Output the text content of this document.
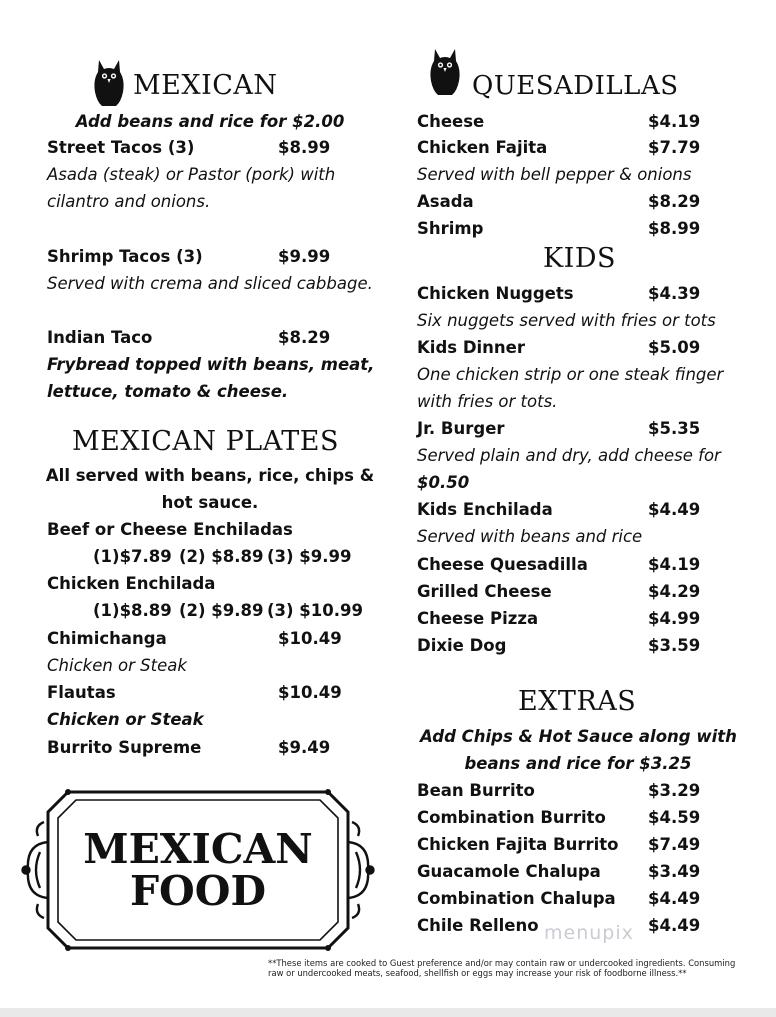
MEXICAN
Add beans and rice for $2.00
Street Tacos (3)	$8.99
Asada (steak) or Pastor (pork) with
cilantro and onions.
Shrimp Tacos (3)	$9.99
Served with crema and sliced cabbage.
Indian Taco	$8.29
Frybread topped with beans, meat,
lettuce, tomato & cheese.
MEXICAN PLATES
All served with beans, rice, chips &
hot sauce.
Beef or Cheese Enchiladas
(1)$7.89 (2) $8.89 (3) $9.99
Chicken Enchilada
(1)$8.89 (2) $9.89 (3) $10.99
Chimichanga	$10.49
Chicken or Steak
Flautas	$10.49
Chicken or Steak
Burrito Supreme	$9.49
MEXICAN
FOOD
QUESADILLAS
Cheese	$4.19
Chicken Fajita	$7.79
Served with bell pepper & onions
Asada	$8.29
Shrimp	$8.99
KIDS
Chicken Nuggets	$4.39
Six nuggets served with fries or tots
Kids Dinner	$5.09
One chicken strip or one steak finger
with fries or tots.
Jr. Burger	$5.35
Served plain and dry, add cheese for
$0.50
Kids Enchilada	$4.49
Served with beans and rice
Cheese Quesadilla	$4.19
Grilled Cheese	$4.29
Cheese Pizza	$4.99
Dixie Dog	$3.59
EXTRAS
Add Chips & Hot Sauce along with
beans and rice for $3.25
Bean Burrito	$3.29
Combination Burrito	$4.59
Chicken Fajita Burrito $7.49
Guacamole Chalupa	$3.49
Combination Chalupa $4.49
Chile Relleno	$4.49
menupix
**These items are cooked to Guest preference and/or may contain raw or undercooked ingredients. Consuming raw or undercooked meats, seafood, shellfish or eggs may increase your risk of foodborne illness.**
